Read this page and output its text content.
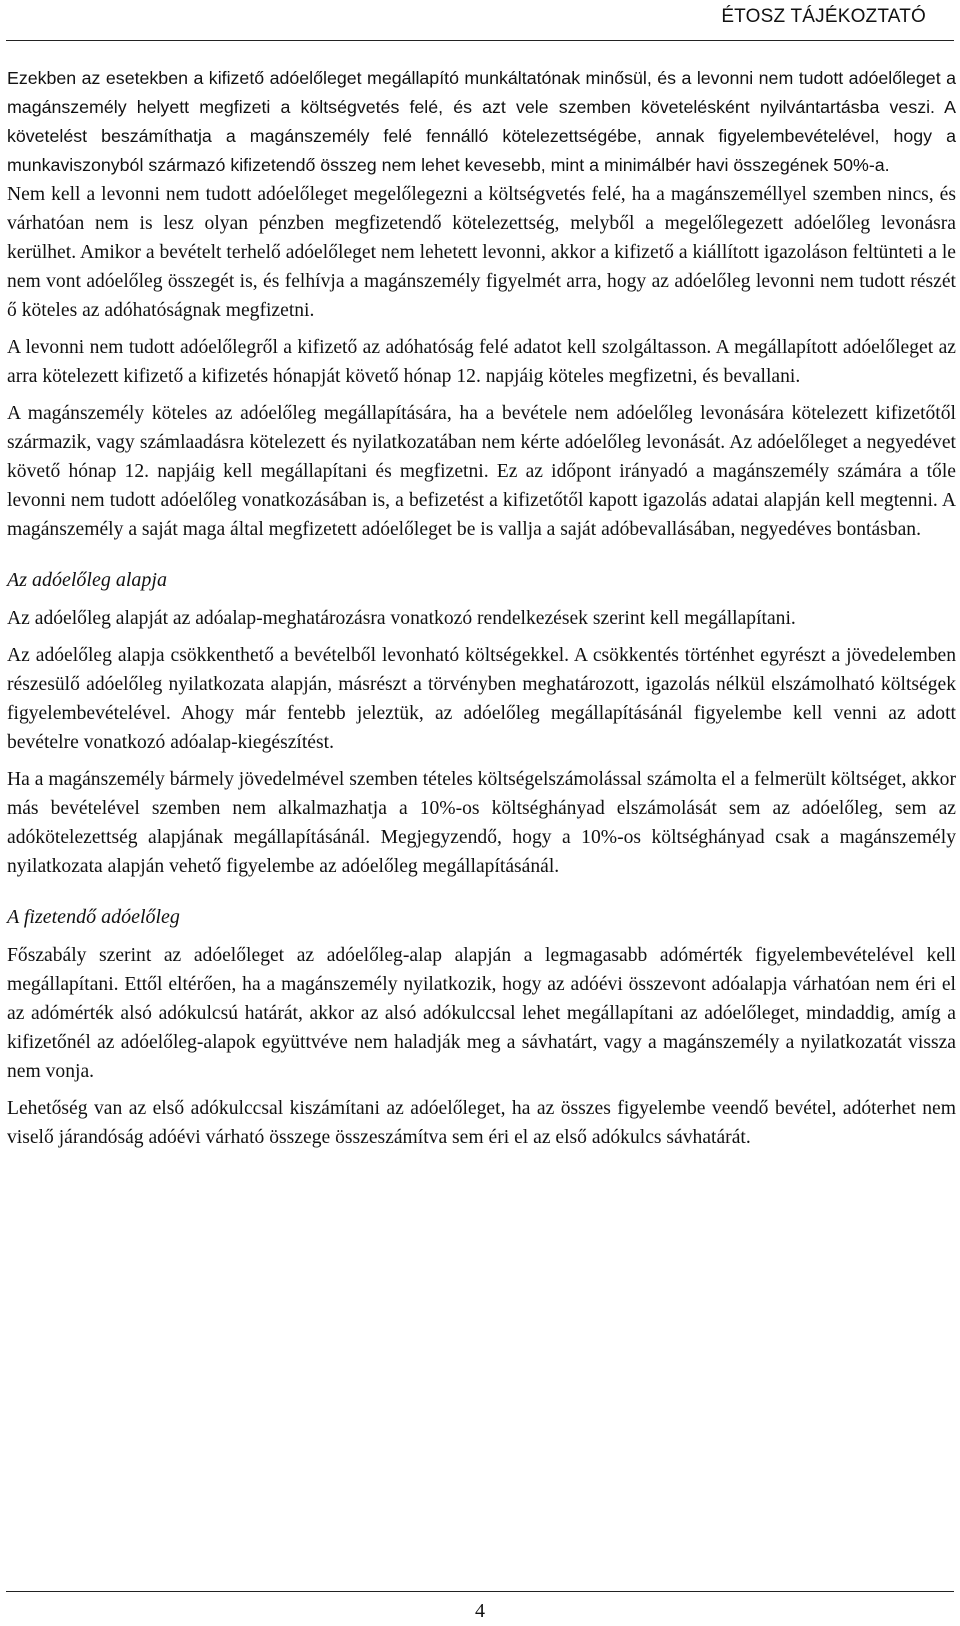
ÉTOSZ TÁJÉKOZTATÓ

Ezekben az esetekben a kifizető adóelőleget megállapító munkáltatónak minősül, és a levonni nem tudott adóelőleget a magánszemély helyett megfizeti a költségvetés felé, és azt vele szemben követelésként nyilvántartásba veszi. A követelést beszámíthatja a magánszemély felé fennálló kötelezettségébe, annak figyelembevételével, hogy a munkaviszonyból származó kifizetendő összeg nem lehet kevesebb, mint a minimálbér havi összegének 50%-a.

Nem kell a levonni nem tudott adóelőleget megelőlegezni a költségvetés felé, ha a magánszeméllyel szemben nincs, és várhatóan nem is lesz olyan pénzben megfizetendő kötelezettség, melyből a megelőlegezett adóelőleg levonásra kerülhet. Amikor a bevételt terhelő adóelőleget nem lehetett levonni, akkor a kifizető a kiállított igazoláson feltünteti a le nem vont adóelőleg összegét is, és felhívja a magánszemély figyelmét arra, hogy az adóelőleg levonni nem tudott részét ő köteles az adóhatóságnak megfizetni.

A levonni nem tudott adóelőlegről a kifizető az adóhatóság felé adatot kell szolgáltasson. A megállapított adóelőleget az arra kötelezett kifizető a kifizetés hónapját követő hónap 12. napjáig köteles megfizetni, és bevallani.

A magánszemély köteles az adóelőleg megállapítására, ha a bevétele nem adóelőleg levonására kötelezett kifizetőtől származik, vagy számlaadásra kötelezett és nyilatkozatában nem kérte adóelőleg levonását. Az adóelőleget a negyedévet követő hónap 12. napjáig kell megállapítani és megfizetni. Ez az időpont irányadó a magánszemély számára a tőle levonni nem tudott adóelőleg vonatkozásában is, a befizetést a kifizetőtől kapott igazolás adatai alapján kell megtenni. A magánszemély a saját maga által megfizetett adóelőleget be is vallja a saját adóbevallásában, negyedéves bontásban.

Az adóelőleg alapja

Az adóelőleg alapját az adóalap-meghatározásra vonatkozó rendelkezések szerint kell megállapítani.

Az adóelőleg alapja csökkenthető a bevételből levonható költségekkel. A csökkentés történhet egyrészt a jövedelemben részesülő adóelőleg nyilatkozata alapján, másrészt a törvényben meghatározott, igazolás nélkül elszámolható költségek figyelembevételével. Ahogy már fentebb jeleztük, az adóelőleg megállapításánál figyelembe kell venni az adott bevételre vonatkozó adóalap-kiegészítést.

Ha a magánszemély bármely jövedelmével szemben tételes költségelszámolással számolta el a felmerült költséget, akkor más bevételével szemben nem alkalmazhatja a 10%-os költséghányad elszámolását sem az adóelőleg, sem az adókötelezettség alapjának megállapításánál. Megjegyzendő, hogy a 10%-os költséghányad csak a magánszemély nyilatkozata alapján vehető figyelembe az adóelőleg megállapításánál.

A fizetendő adóelőleg

Főszabály szerint az adóelőleget az adóelőleg-alap alapján a legmagasabb adómérték figyelembevételével kell megállapítani. Ettől eltérően, ha a magánszemély nyilatkozik, hogy az adóévi összevont adóalapja várhatóan nem éri el az adómérték alsó adókulcsú határát, akkor az alsó adókulccsal lehet megállapítani az adóelőleget, mindaddig, amíg a kifizetőnél az adóelőleg-alapok együttvéve nem haladják meg a sávhatárt, vagy a magánszemély a nyilatkozatát vissza nem vonja.

Lehetőség van az első adókulccsal kiszámítani az adóelőleget, ha az összes figyelembe veendő bevétel, adóterhet nem viselő járandóság adóévi várható összege összeszámítva sem éri el az első adókulcs sávhatárát.

4
